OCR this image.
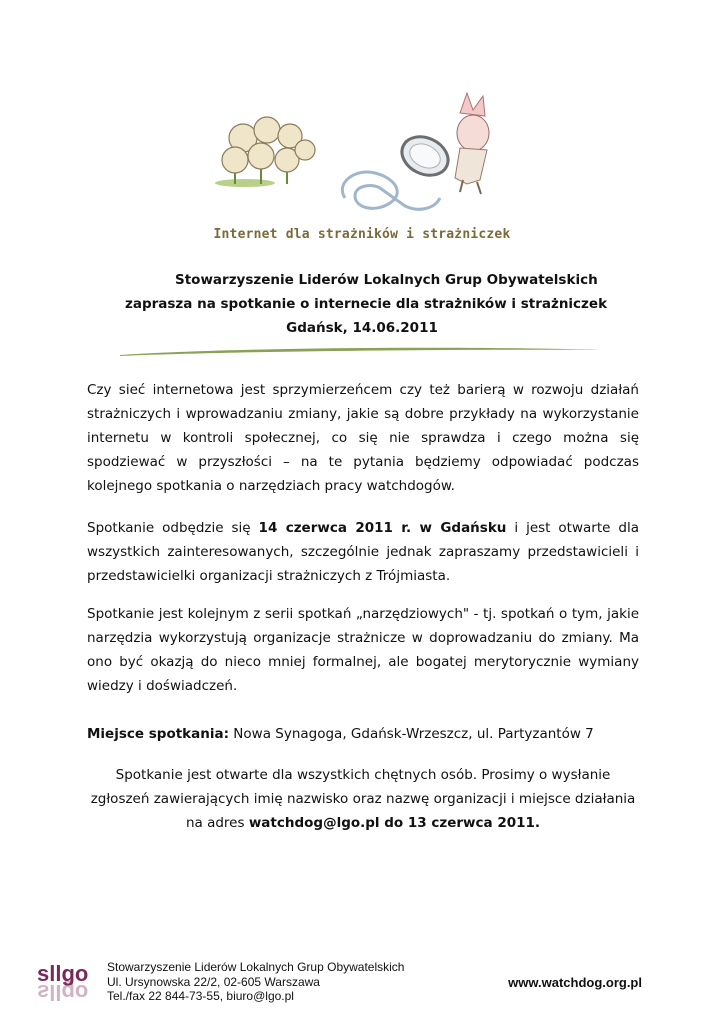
Internet dla strażników i strażniczek
Stowarzyszenie Liderów Lokalnych Grup Obywatelskich
zaprasza na spotkanie o internecie dla strażników i strażniczek
Gdańsk, 14.06.2011
Czy sieć internetowa jest sprzymierzeńcem czy też barierą w rozwoju działań strażniczych i wprowadzaniu zmiany, jakie są dobre przykłady na wykorzystanie internetu w kontroli społecznej, co się nie sprawdza i czego można się spodziewać w przyszłości – na te pytania będziemy odpowiadać podczas kolejnego spotkania o narzędziach pracy watchdogów.
Spotkanie odbędzie się 14 czerwca 2011 r. w Gdańsku i jest otwarte dla wszystkich zainteresowanych, szczególnie jednak zapraszamy przedstawicieli i przedstawicielki organizacji strażniczych z Trójmiasta.
Spotkanie jest kolejnym z serii spotkań „narzędziowych" - tj. spotkań o tym, jakie narzędzia wykorzystują organizacje strażnicze w doprowadzaniu do zmiany. Ma ono być okazją do nieco mniej formalnej, ale bogatej merytorycznie wymiany wiedzy i doświadczeń.
Miejsce spotkania: Nowa Synagoga, Gdańsk-Wrzeszcz, ul. Partyzantów 7
Spotkanie jest otwarte dla wszystkich chętnych osób. Prosimy o wysłanie zgłoszeń zawierających imię nazwisko oraz nazwę organizacji i miejsce działania na adres watchdog@lgo.pl do 13 czerwca 2011.
sllgo
sllgo
Stowarzyszenie Liderów Lokalnych Grup Obywatelskich
Ul. Ursynowska 22/2, 02-605 Warszawa
Tel./fax 22 844-73-55, biuro@lgo.pl
www.watchdog.org.pl
